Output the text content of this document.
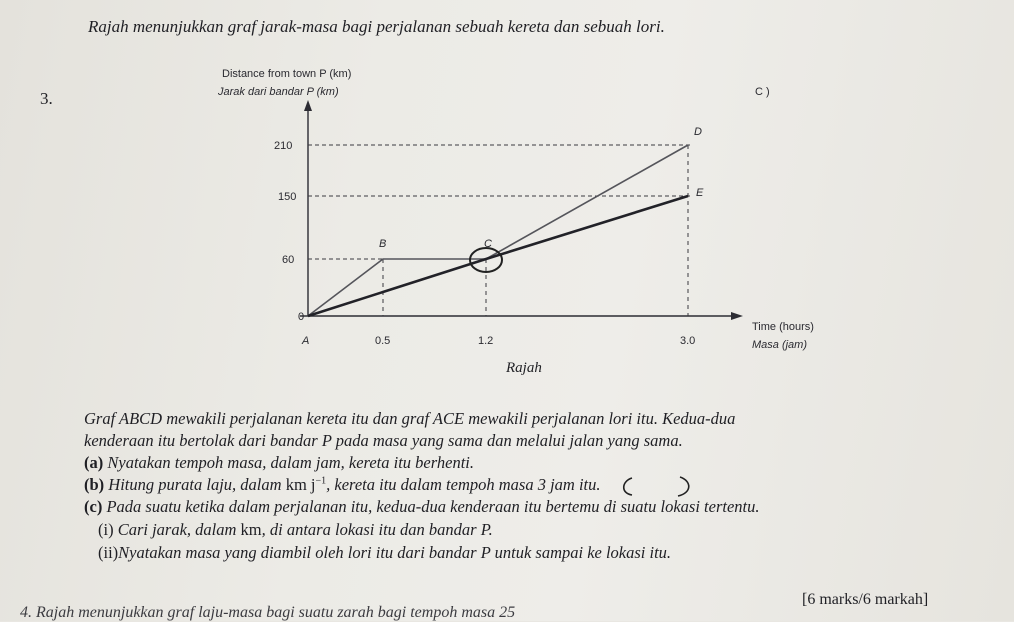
Rajah menunjukkan graf jarak-masa bagi perjalanan sebuah kereta dan sebuah lori.
3.	C )
Distance from town P (km)
Jarak dari bandar P (km)
Time (hours)
Masa (jam)
0
60
150
210
0.5	1.2	3.0
A
B	C
D
E
Rajah
Graf ABCD mewakili perjalanan kereta itu dan graf ACE mewakili perjalanan lori itu. Kedua-dua
kenderaan itu bertolak dari bandar P pada masa yang sama dan melalui jalan yang sama.
(a) Nyatakan tempoh masa, dalam jam, kereta itu berhenti.
(b) Hitung purata laju, dalam km $j^{-1}$, kereta itu dalam tempoh masa 3 jam itu.
(c) Pada suatu ketika dalam perjalanan itu, kedua-dua kenderaan itu bertemu di suatu lokasi tertentu.
(i) Cari jarak, dalam km, di antara lokasi itu dan bandar P.
(ii)Nyatakan masa yang diambil oleh lori itu dari bandar P untuk sampai ke lokasi itu.
[6 marks/6 markah]
4. Rajah menunjukkan graf laju-masa bagi suatu zarah bagi tempoh masa 25
